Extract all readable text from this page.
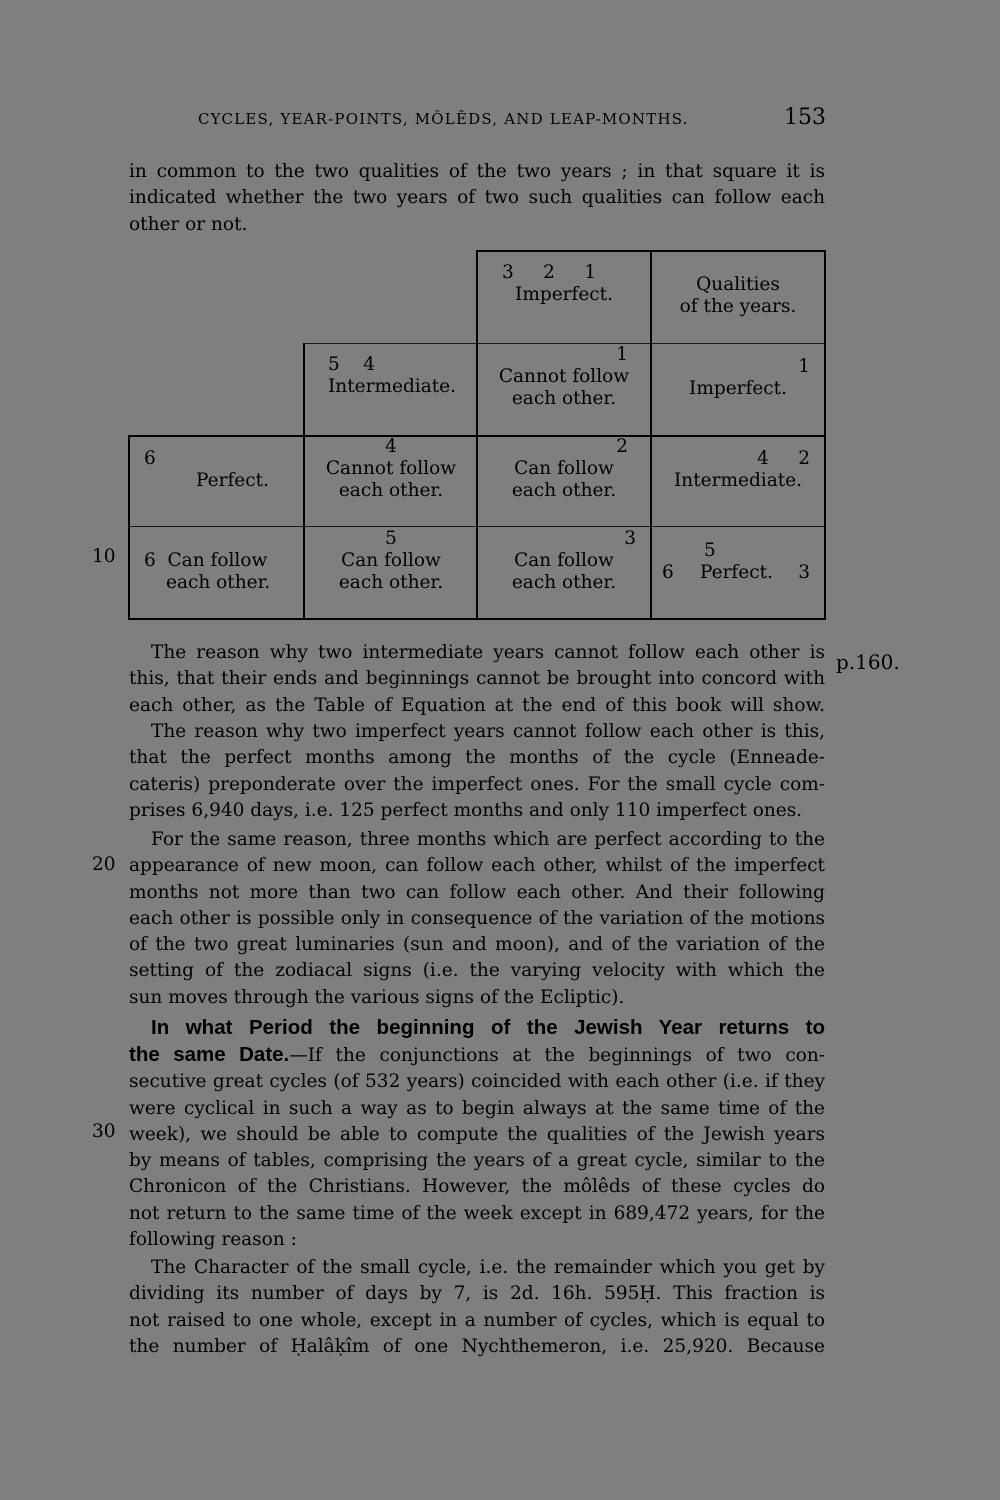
CYCLES, YEAR-POINTS, MÔLÊDS, AND LEAP-MONTHS.	153
in common to the two qualities of the two years ; in that square it is
indicated whether the two years of two such qualities can follow each
other or not.
3     2     1
Imperfect.	Qualities
of the years.
5    4
Intermediate.
1
Cannot follow
each other.
1
Imperfect.
6
Perfect.
4
Cannot follow
each other.
2
Can follow
each other.
4     2
Intermediate.
6  Can follow
each other.
5
Can follow
each other.
3
Can follow
each other.
5
6 Perfect. 3
10
20
30
p.160.
The reason why two intermediate years cannot follow each other is
this, that their ends and beginnings cannot be brought into concord with
each other, as the Table of Equation at the end of this book will show.
The reason why two imperfect years cannot follow each other is this,
that the perfect months among the months of the cycle (Enneade-
cateris) preponderate over the imperfect ones. For the small cycle com-
prises 6,940 days, i.e. 125 perfect months and only 110 imperfect ones.
For the same reason, three months which are perfect according to the
appearance of new moon, can follow each other, whilst of the imperfect
months not more than two can follow each other. And their following
each other is possible only in consequence of the variation of the motions
of the two great luminaries (sun and moon), and of the variation of the
setting of the zodiacal signs (i.e. the varying velocity with which the
sun moves through the various signs of the Ecliptic).
In what Period the beginning of the Jewish Year returns to
the same Date.—If the conjunctions at the beginnings of two con-
secutive great cycles (of 532 years) coincided with each other (i.e. if they
were cyclical in such a way as to begin always at the same time of the
week), we should be able to compute the qualities of the Jewish years
by means of tables, comprising the years of a great cycle, similar to the
Chronicon of the Christians. However, the môlêds of these cycles do
not return to the same time of the week except in 689,472 years, for the
following reason :
The Character of the small cycle, i.e. the remainder which you get by
dividing its number of days by 7, is 2d. 16h. 595Ḥ. This fraction is
not raised to one whole, except in a number of cycles, which is equal to
the number of Ḥalâḳîm of one Nychthemeron, i.e. 25,920. Because
